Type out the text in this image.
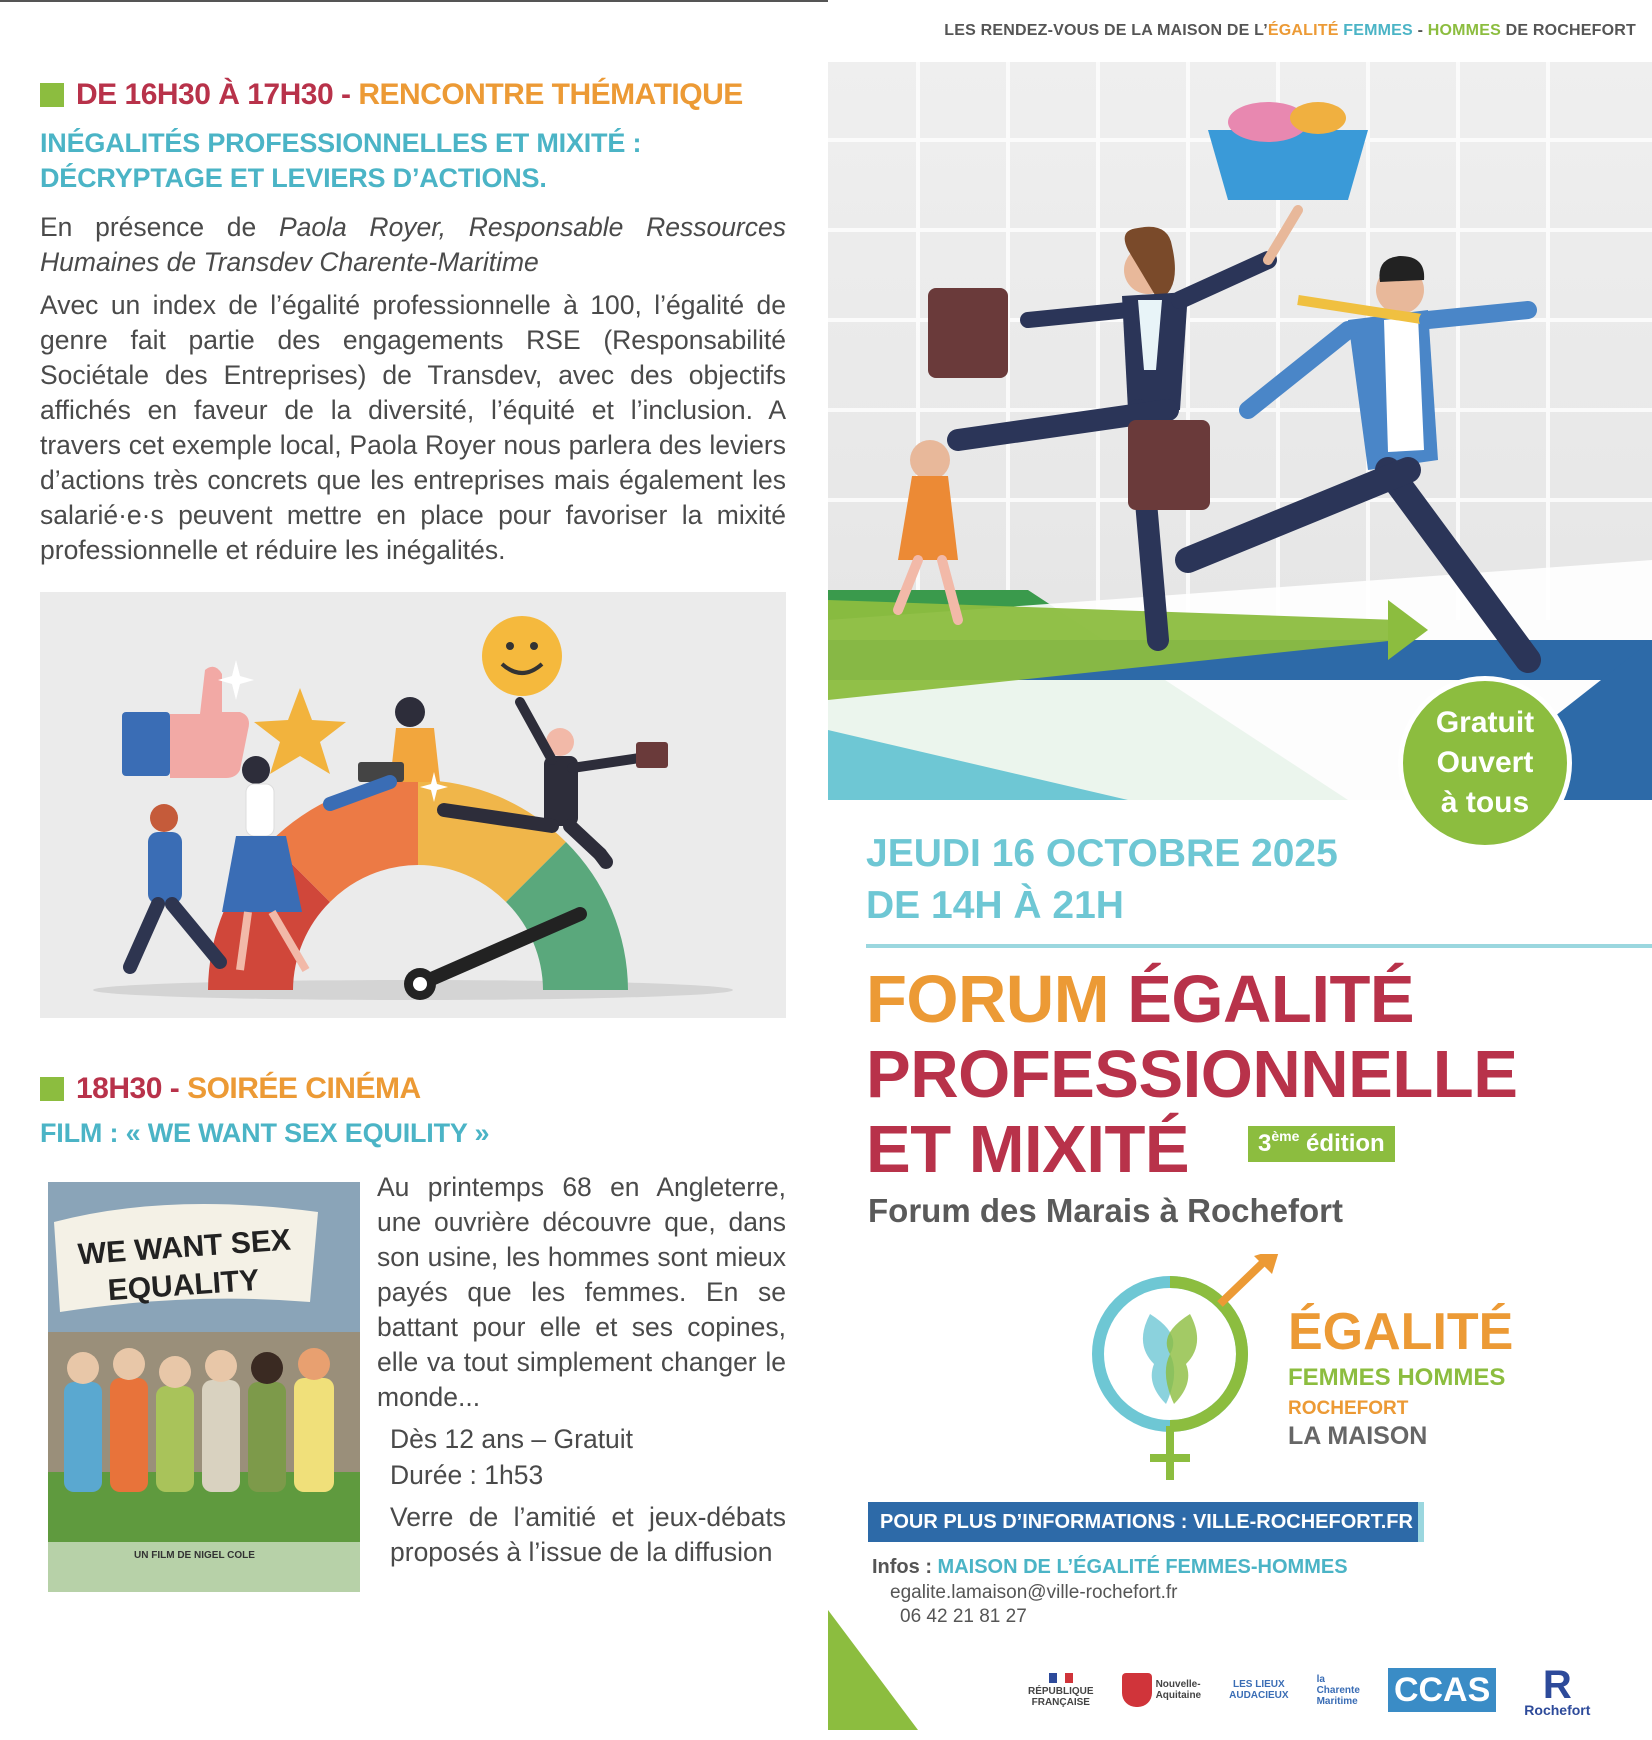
DE 16H30 À 17H30 - RENCONTRE THÉMATIQUE
INÉGALITÉS PROFESSIONNELLES ET MIXITÉ :
DÉCRYPTAGE ET LEVIERS D’ACTIONS.

En présence de Paola Royer, Responsable Ressources Humaines de Transdev Charente-Maritime

Avec un index de l’égalité professionnelle à 100, l’égalité de genre fait partie des engagements RSE (Responsabilité Sociétale des Entreprises) de Transdev, avec des objectifs affichés en faveur de la diversité, l’équité et l’inclusion. A travers cet exemple local, Paola Royer nous parlera des leviers d’actions très concrets que les entreprises mais également les salarié·e·s peuvent mettre en place pour favoriser la mixité professionnelle et réduire les inégalités.

18H30 - SOIRÉE CINÉMA
FILM : « WE WANT SEX EQUILITY »
WE WANT SEX
EQUALITY
UN FILM DE NIGEL COLE

Au printemps 68 en Angleterre, une ouvrière découvre que, dans son usine, les hommes sont mieux payés que les femmes. En se battant pour elle et ses copines, elle va tout simplement changer le monde...

Dès 12 ans – Gratuit

Durée : 1h53

Verre de l’amitié et jeux-débats proposés à l’issue de la diffusion

LES RENDEZ-VOUS DE LA MAISON DE L’ÉGALITÉ FEMMES - HOMMES DE ROCHEFORT
Gratuit
Ouvert
à tous
JEUDI 16 OCTOBRE 2025
DE 14H À 21H
FORUM ÉGALITÉ
PROFESSIONNELLE
ET MIXITÉ	3ème édition
Forum des Marais à Rochefort
ÉGALITÉ
FEMMES HOMMES
ROCHEFORT
LA MAISON
POUR PLUS D’INFORMATIONS : VILLE-ROCHEFORT.FR
Infos : MAISON DE L’ÉGALITÉ FEMMES-HOMMES
egalite.lamaison@ville-rochefort.fr
06 42 21 81 27
RÉPUBLIQUE
FRANÇAISE
Nouvelle-
Aquitaine
LES LIEUX
AUDACIEUX
la
Charente
Maritime CCAS	R
Rochefort
